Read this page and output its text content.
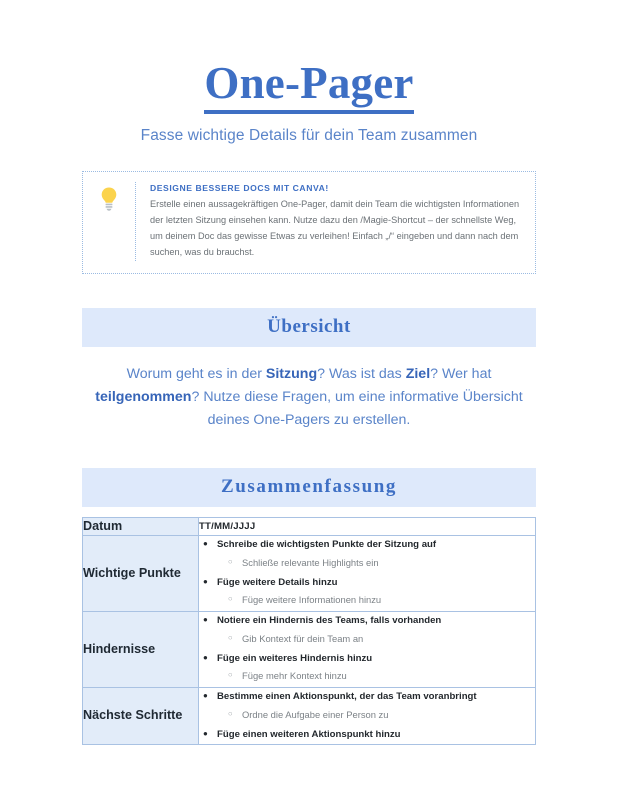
One-Pager

Fasse wichtige Details für dein Team zusammen

DESIGNE BESSERE DOCS MIT CANVA!

Erstelle einen aussagekräftigen One-Pager, damit dein Team die wichtigsten Informationen der letzten Sitzung einsehen kann. Nutze dazu den /Magie-Shortcut – der schnellste Weg, um deinem Doc das gewisse Etwas zu verleihen! Einfach „/“ eingeben und dann nach dem suchen, was du brauchst.

Übersicht

Worum geht es in der Sitzung? Was ist das Ziel? Wer hat teilgenommen? Nutze diese Fragen, um eine informative Übersicht deines One-Pagers zu erstellen.

Zusammenfassung
Datum	TT/MM/JJJJ

Wichtige Punkte	
● Schreibe die wichtigsten Punkte der Sitzung auf
○ Schließe relevante Highlights ein
● Füge weitere Details hinzu
○ Füge weitere Informationen hinzu

Hindernisse	
● Notiere ein Hindernis des Teams, falls vorhanden
○ Gib Kontext für dein Team an
● Füge ein weiteres Hindernis hinzu
○ Füge mehr Kontext hinzu

Nächste Schritte	
● Bestimme einen Aktionspunkt, der das Team voranbringt
○ Ordne die Aufgabe einer Person zu
● Füge einen weiteren Aktionspunkt hinzu
